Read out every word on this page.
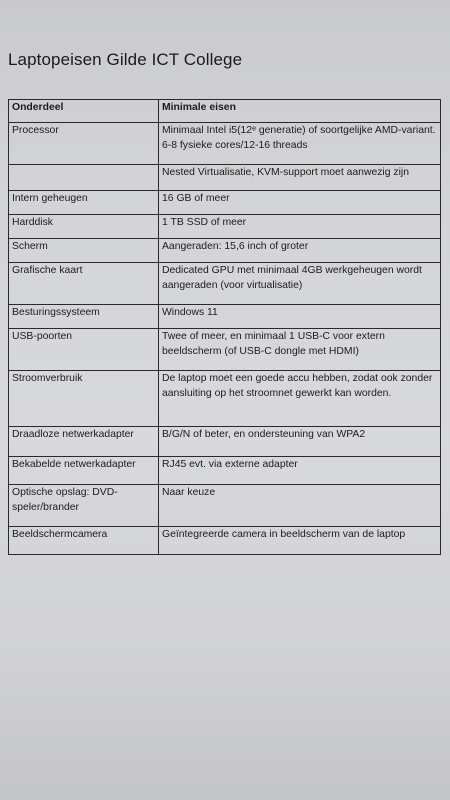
Laptopeisen Gilde ICT College
Onderdeel	Minimale eisen
Processor	Minimaal Intel i5(12ᵉ generatie) of soortgelijke AMD-variant. 6-8 fysieke cores/12-16 threads
	Nested Virtualisatie, KVM-support moet aanwezig zijn
Intern geheugen	16 GB of meer
Harddisk	1 TB SSD of meer
Scherm	Aangeraden: 15,6 inch of groter
Grafische kaart	Dedicated GPU met minimaal 4GB werkgeheugen wordt aangeraden (voor virtualisatie)
Besturingssysteem	Windows 11
USB-poorten	Twee of meer, en minimaal 1 USB-C voor extern beeldscherm (of USB-C dongle met HDMI)
Stroomverbruik	De laptop moet een goede accu hebben, zodat ook zonder aansluiting op het stroomnet gewerkt kan worden.
Draadloze netwerkadapter	B/G/N of beter, en ondersteuning van WPA2
Bekabelde netwerkadapter	RJ45 evt. via externe adapter
Optische opslag: DVD-speler/brander	Naar keuze
Beeldschermcamera	Geïntegreerde camera in beeldscherm van de laptop
